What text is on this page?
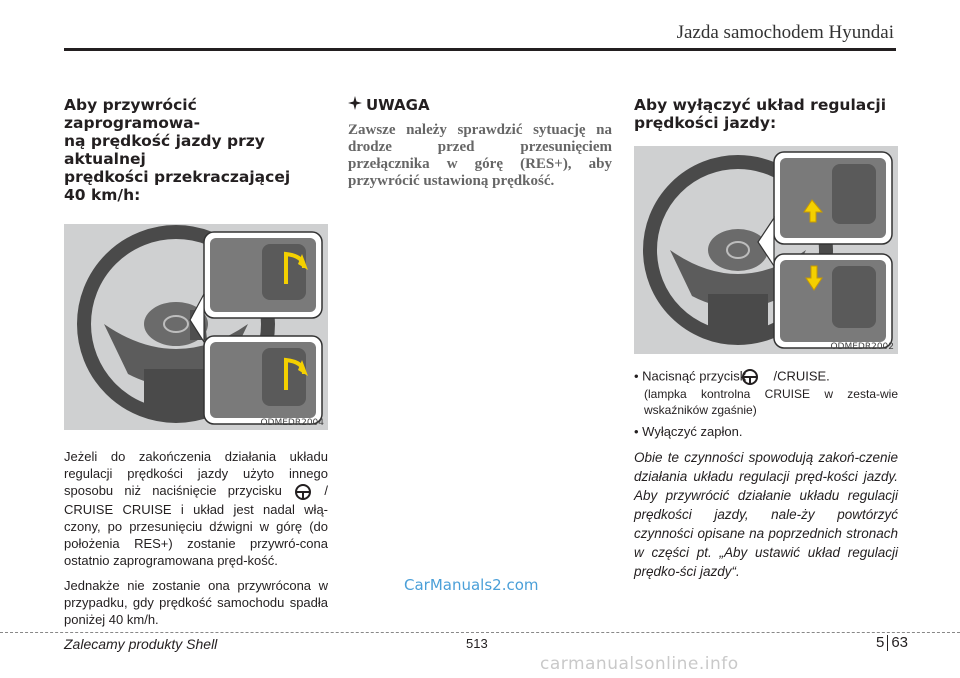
Jazda samochodem Hyundai
Aby przywrócić zaprogramowa-
ną prędkość jazdy przy aktualnej
prędkości przekraczającej
40 km/h:
ODMEDR2004

Jeżeli do zakończenia działania układu regulacji prędkości jazdy użyto innego sposobu niż naciśnięcie przycisku	/ CRUISE CRUISE i układ jest nadal włą-czony, po przesunięciu dźwigni w górę (do położenia RES+) zostanie przywró-cona ostatnio zaprogramowana pręd-kość.

Jednakże nie zostanie ona przywrócona w przypadku, gdy prędkość samochodu spadła poniżej 40 km/h.

UWAGA
Zawsze należy sprawdzić sytuację na drodze przed przesunięciem przełącznika w górę (RES+), aby przywrócić ustawioną prędkość.
Aby wyłączyć układ regulacji
prędkości jazdy:
ODMEDR2002
• Nacisnąć przycisk /CRUISE.
(lampka kontrolna CRUISE w zesta-wie wskaźników zgaśnie)
• Wyłączyć zapłon.
Obie te czynności spowodują zakoń-czenie działania układu regulacji pręd-kości jazdy. Aby przywrócić działanie układu regulacji prędkości jazdy, nale-ży powtórzyć czynności opisane na poprzednich stronach w części pt. „Aby ustawić układ regulacji prędko-ści jazdy“.
CarManuals2.com
Zalecamy produkty Shell	513	5 63
carmanualsonline.info
